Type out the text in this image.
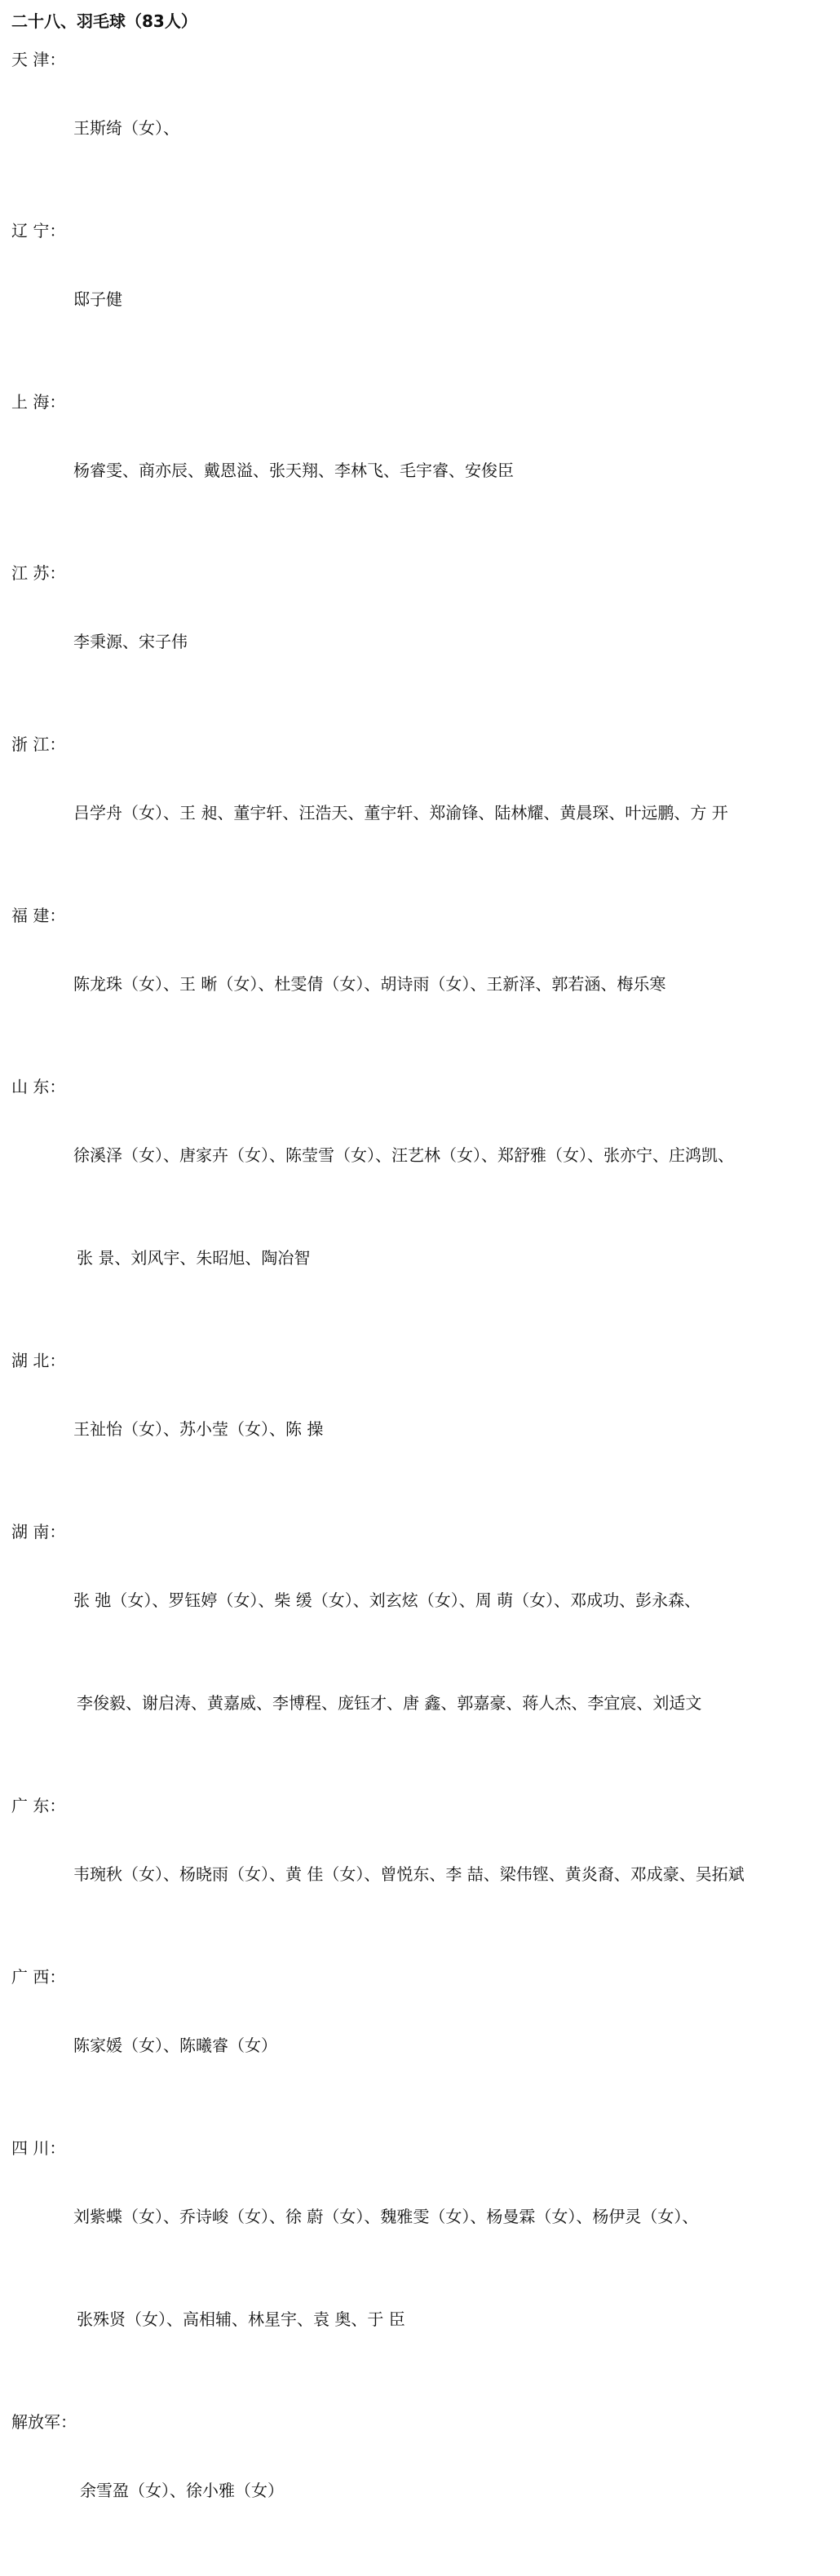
二十八、羽毛球（83人）
天 津：

王斯绮（女）、

辽 宁：

邸子健

上 海：

杨睿雯、商亦辰、戴恩溢、张天翔、李林飞、毛宇睿、安俊臣

江 苏：

李秉源、宋子伟

浙 江：

吕学舟（女）、王 昶、董宇轩、汪浩天、董宇轩、郑渝锋、陆林耀、黄晨琛、叶远鹏、方 开

福 建：

陈龙珠（女）、王 晰（女）、杜雯倩（女）、胡诗雨（女）、王新泽、郭若涵、梅乐寒

山 东：

徐溪泽（女）、唐家卉（女）、陈莹雪（女）、汪艺林（女）、郑舒雅（女）、张亦宁、庄鸿凯、

张 景、刘风宇、朱昭旭、陶冶智

湖 北：

王祉怡（女）、苏小莹（女）、陈 操

湖 南：

张 弛（女）、罗钰婷（女）、柴 缓（女）、刘玄炫（女）、周 萌（女）、邓成功、彭永森、

李俊毅、谢启涛、黄嘉威、李博程、庞钰才、唐 鑫、郭嘉豪、蒋人杰、李宜宸、刘适文

广 东：

韦琬秋（女）、杨晓雨（女）、黄 佳（女）、曾悦东、李 喆、梁伟铿、黄炎裔、邓成豪、吴拓斌

广 西：

陈家媛（女）、陈曦睿（女）

四 川：

刘紫蝶（女）、乔诗峻（女）、徐 蔚（女）、魏雅雯（女）、杨曼霖（女）、杨伊灵（女）、

张殊贤（女）、高相辅、林星宇、袁 奥、于 臣

解放军：

余雪盈（女）、徐小雅（女）
